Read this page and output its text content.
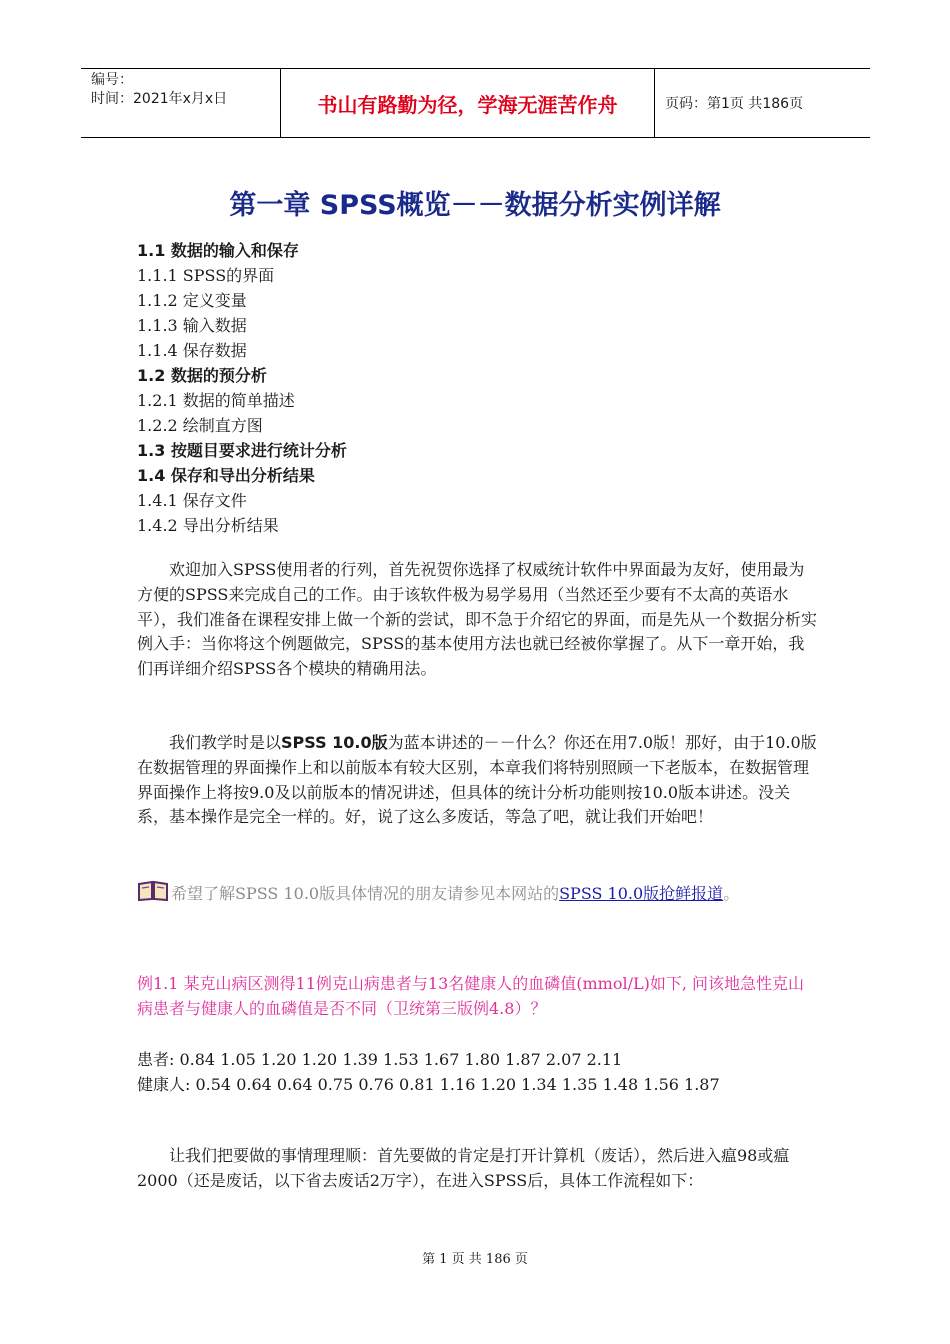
编号：
时间：2021年x月x日	书山有路勤为径，学海无涯苦作舟	页码：第1页 共186页
第一章 SPSS概览－－数据分析实例详解
1.1 数据的输入和保存
1.1.1 SPSS的界面
1.1.2 定义变量
1.1.3 输入数据
1.1.4 保存数据
1.2 数据的预分析
1.2.1 数据的简单描述
1.2.2 绘制直方图
1.3 按题目要求进行统计分析
1.4 保存和导出分析结果
1.4.1 保存文件
1.4.2 导出分析结果

欢迎加入SPSS使用者的行列，首先祝贺你选择了权威统计软件中界面最为友好，使用最为方便的SPSS来完成自己的工作。由于该软件极为易学易用（当然还至少要有不太高的英语水平），我们准备在课程安排上做一个新的尝试，即不急于介绍它的界面，而是先从一个数据分析实例入手：当你将这个例题做完，SPSS的基本使用方法也就已经被你掌握了。从下一章开始，我们再详细介绍SPSS各个模块的精确用法。

我们教学时是以SPSS 10.0版为蓝本讲述的－－什么？你还在用7.0版！那好，由于10.0版在数据管理的界面操作上和以前版本有较大区别，本章我们将特别照顾一下老版本，在数据管理界面操作上将按9.0及以前版本的情况讲述，但具体的统计分析功能则按10.0版本讲述。没关系，基本操作是完全一样的。好，说了这么多废话，等急了吧，就让我们开始吧！

希望了解SPSS 10.0版具体情况的朋友请参见本网站的SPSS 10.0版抢鲜报道。
例1.1 某克山病区测得11例克山病患者与13名健康人的血磷值(mmol/L)如下, 问该地急性克山病患者与健康人的血磷值是否不同（卫统第三版例4.8）？
患者: 0.84 1.05 1.20 1.20 1.39 1.53 1.67 1.80 1.87 2.07 2.11
健康人: 0.54 0.64 0.64 0.75 0.76 0.81 1.16 1.20 1.34 1.35 1.48 1.56 1.87

让我们把要做的事情理理顺：首先要做的肯定是打开计算机（废话），然后进入瘟98或瘟2000（还是废话，以下省去废话2万字），在进入SPSS后，具体工作流程如下：

第 1 页 共 186 页
